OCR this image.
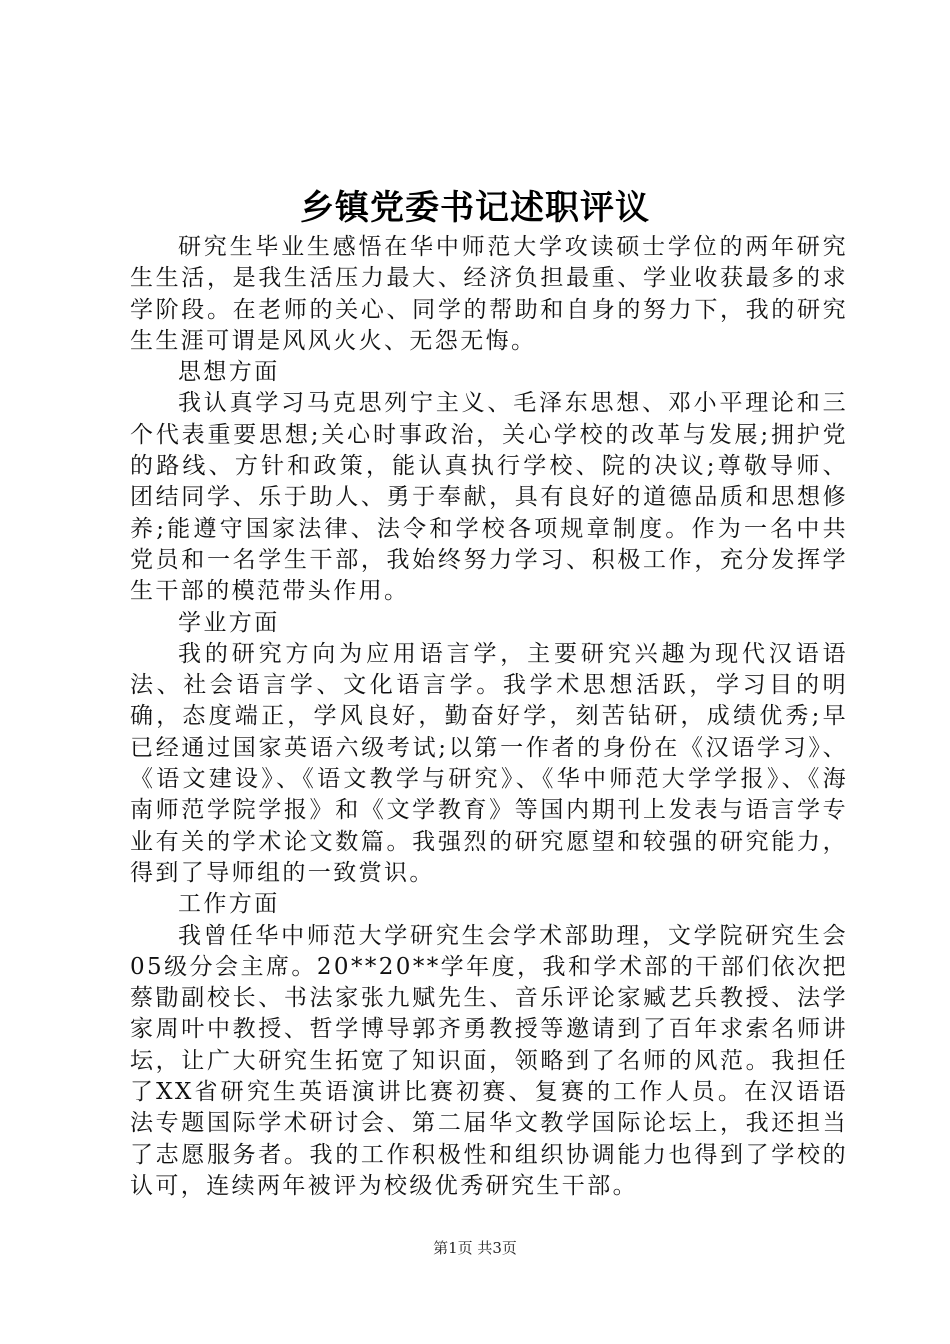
乡镇党委书记述职评议

研究生毕业生感悟在华中师范大学攻读硕士学位的两年研究生生活，是我生活压力最大、经济负担最重、学业收获最多的求学阶段。在老师的关心、同学的帮助和自身的努力下，我的研究生生涯可谓是风风火火、无怨无悔。

思想方面

我认真学习马克思列宁主义、毛泽东思想、邓小平理论和三个代表重要思想;关心时事政治，关心学校的改革与发展;拥护党的路线、方针和政策，能认真执行学校、院的决议;尊敬导师、团结同学、乐于助人、勇于奉献，具有良好的道德品质和思想修养;能遵守国家法律、法令和学校各项规章制度。作为一名中共党员和一名学生干部，我始终努力学习、积极工作，充分发挥学生干部的模范带头作用。

学业方面

我的研究方向为应用语言学，主要研究兴趣为现代汉语语法、社会语言学、文化语言学。我学术思想活跃，学习目的明确，态度端正，学风良好，勤奋好学，刻苦钻研，成绩优秀;早已经通过国家英语六级考试;以第一作者的身份在《汉语学习》、《语文建设》、《语文教学与研究》、《华中师范大学学报》、《海南师范学院学报》和《文学教育》等国内期刊上发表与语言学专业有关的学术论文数篇。我强烈的研究愿望和较强的研究能力，得到了导师组的一致赏识。

工作方面

我曾任华中师范大学研究生会学术部助理，文学院研究生会05级分会主席。20**20**学年度，我和学术部的干部们依次把蔡勖副校长、书法家张九赋先生、音乐评论家臧艺兵教授、法学家周叶中教授、哲学博导郭齐勇教授等邀请到了百年求索名师讲坛，让广大研究生拓宽了知识面，领略到了名师的风范。我担任了XX省研究生英语演讲比赛初赛、复赛的工作人员。在汉语语法专题国际学术研讨会、第二届华文教学国际论坛上，我还担当了志愿服务者。我的工作积极性和组织协调能力也得到了学校的认可，连续两年被评为校级优秀研究生干部。

第1页 共3页
